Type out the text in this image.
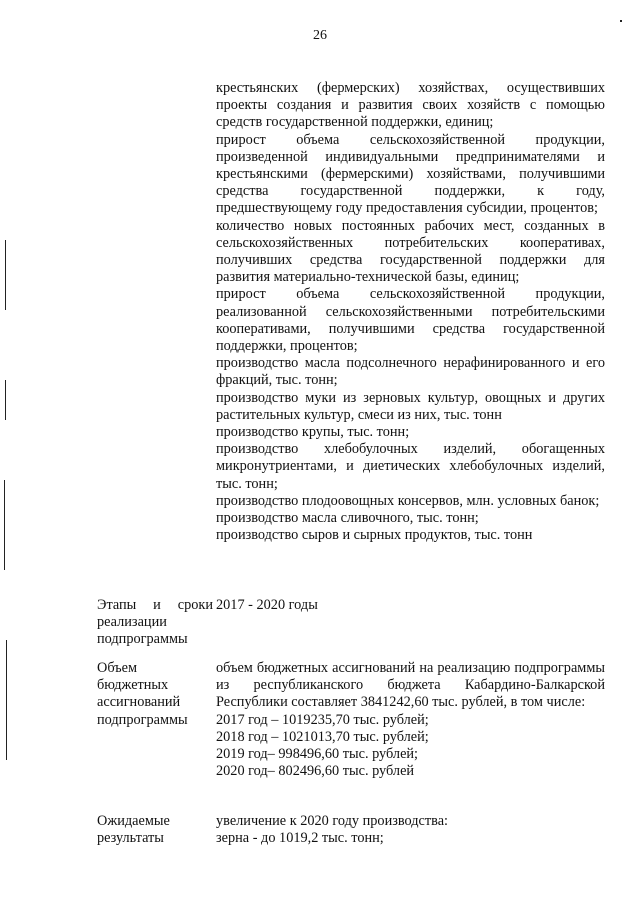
26

крестьянских (фермерских) хозяйствах, осуществивших проекты создания и развития своих хозяйств с помощью средств государственной поддержки, единиц;

прирост объема сельскохозяйственной продукции, произведенной индивидуальными предпринимателями и крестьянскими (фермерскими) хозяйствами, получившими средства государственной поддержки, к году, предшествующему году предоставления субсидии, процентов;

количество новых постоянных рабочих мест, созданных в сельскохозяйственных потребительских кооперативах, получивших средства государственной поддержки для развития материально-технической базы, единиц;

прирост объема сельскохозяйственной продукции, реализованной сельскохозяйственными потребительскими кооперативами, получившими средства государственной поддержки, процентов;

производство масла подсолнечного нерафинированного и его фракций, тыс. тонн;

производство муки из зерновых культур, овощных и других растительных культур, смеси из них, тыс. тонн

производство крупы, тыс. тонн;

производство хлебобулочных изделий, обогащенных микронутриентами, и диетических хлебобулочных изделий, тыс. тонн;

производство плодоовощных консервов, млн. условных банок;

производство масла сливочного, тыс. тонн;

производство сыров и сырных продуктов, тыс. тонн

Этапы и сроки реализации подпрограммы

2017 - 2020 годы

Объем бюджетных ассигнований подпрограммы

объем бюджетных ассигнований на реализацию подпрограммы из республиканского бюджета Кабардино-Балкарской Республики составляет 3841242,60 тыс. рублей, в том числе:

2017 год – 1019235,70 тыс. рублей;

2018 год – 1021013,70 тыс. рублей;

2019 год– 998496,60 тыс. рублей;

2020 год– 802496,60 тыс. рублей

Ожидаемые результаты

увеличение к 2020 году производства:

зерна - до 1019,2 тыс. тонн;
